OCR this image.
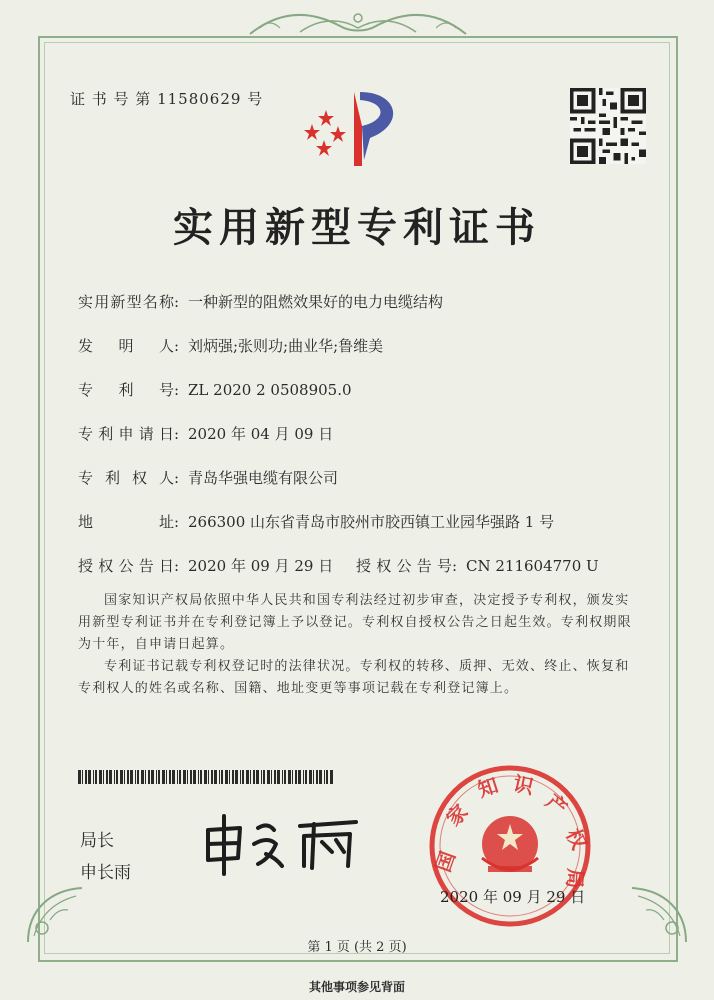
证 书 号 第 11580629 号
实用新型专利证书
实用新型名称: 一种新型的阻燃效果好的电力电缆结构
发明人: 刘炳强;张则功;曲业华;鲁维美
专利号: ZL 2020 2 0508905.0
专利申请日: 2020 年 04 月 09 日
专利权人: 青岛华强电缆有限公司
地址: 266300 山东省青岛市胶州市胶西镇工业园华强路 1 号
授权公告日: 2020 年 09 月 29 日 授权公告号: CN 211604770 U
国家知识产权局依照中华人民共和国专利法经过初步审查，决定授予专利权，颁发实用新型专利证书并在专利登记簿上予以登记。专利权自授权公告之日起生效。专利权期限为十年，自申请日起算。
专利证书记载专利权登记时的法律状况。专利权的转移、质押、无效、终止、恢复和专利权人的姓名或名称、国籍、地址变更等事项记载在专利登记簿上。
局长
申长雨	国
家
知 识
产
权
局
2020 年 09 月 29 日
第 1 页 (共 2 页)
其他事项参见背面
